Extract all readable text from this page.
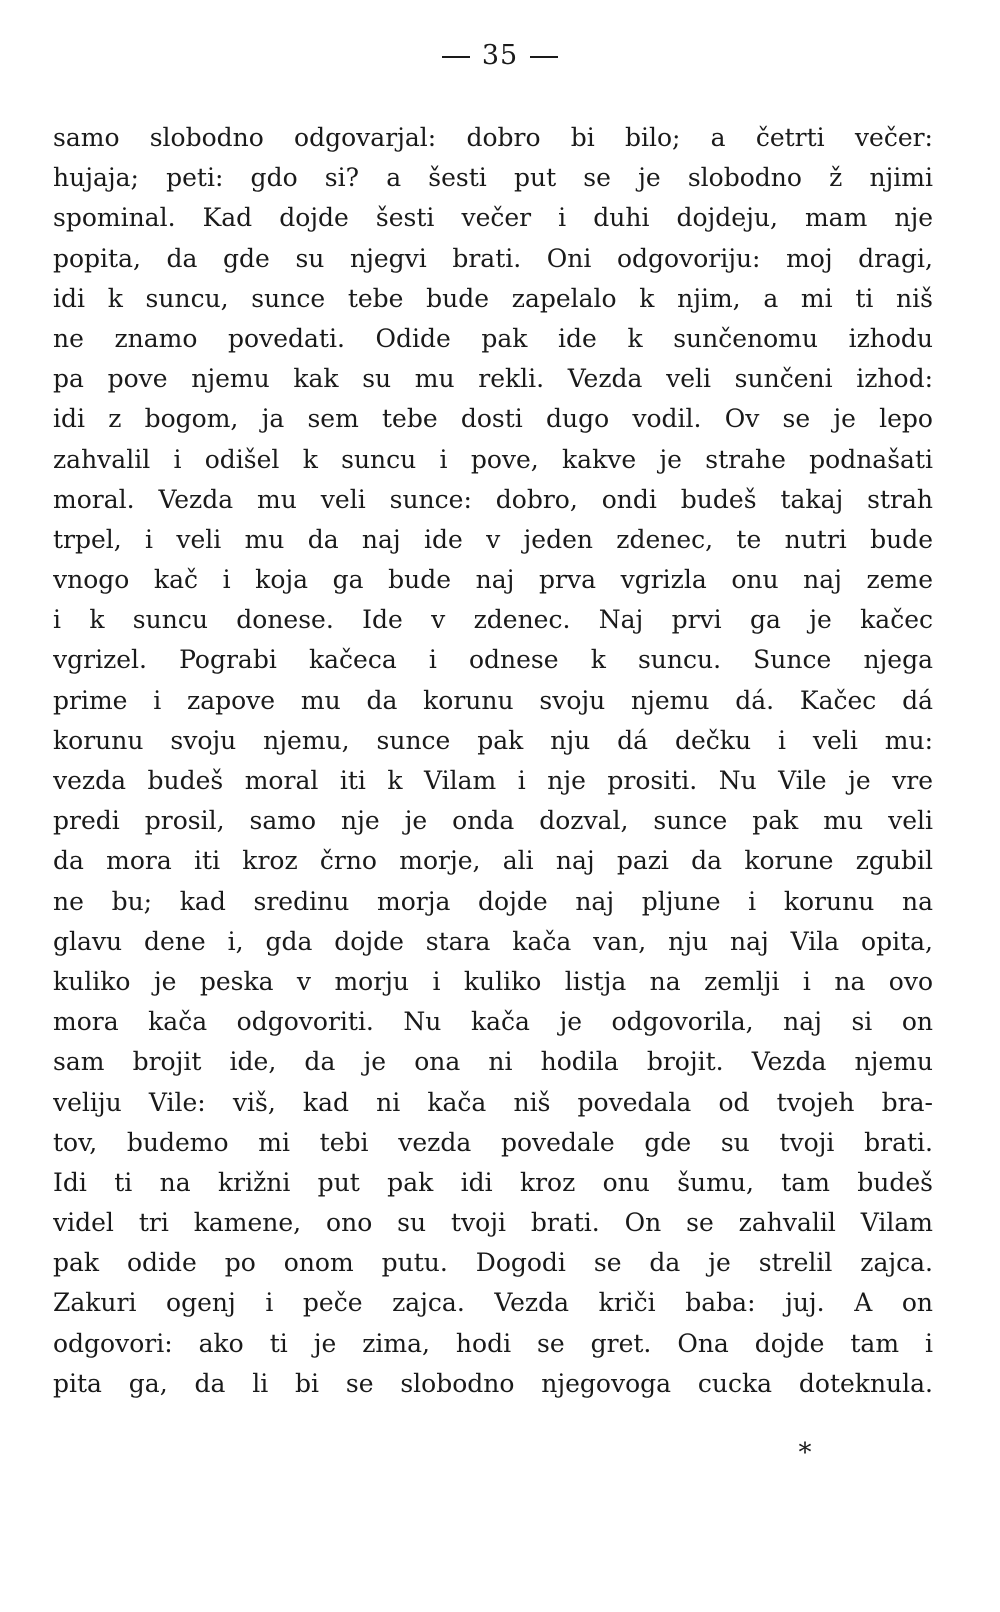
35
samo slobodno odgovarjal: dobro bi bilo; a četrti večer:
hujaja; peti: gdo si? a šesti put se je slobodno ž njimi
spominal. Kad dojde šesti večer i duhi dojdeju, mam nje
popita, da gde su njegvi brati. Oni odgovoriju: moj dragi,
idi k suncu, sunce tebe bude zapelalo k njim, a mi ti niš
ne znamo povedati. Odide pak ide k sunčenomu izhodu
pa pove njemu kak su mu rekli. Vezda veli sunčeni izhod:
idi z bogom, ja sem tebe dosti dugo vodil. Ov se je lepo
zahvalil i odišel k suncu i pove, kakve je strahe podnašati
moral. Vezda mu veli sunce: dobro, ondi budeš takaj strah
trpel, i veli mu da naj ide v jeden zdenec, te nutri bude
vnogo kač i koja ga bude naj prva vgrizla onu naj zeme
i k suncu donese. Ide v zdenec. Naj prvi ga je kačec
vgrizel. Pograbi kačeca i odnese k suncu. Sunce njega
prime i zapove mu da korunu svoju njemu dá. Kačec dá
korunu svoju njemu, sunce pak nju dá dečku i veli mu:
vezda budeš moral iti k Vilam i nje prositi. Nu Vile je vre
predi prosil, samo nje je onda dozval, sunce pak mu veli
da mora iti kroz črno morje, ali naj pazi da korune zgubil
ne bu; kad sredinu morja dojde naj pljune i korunu na
glavu dene i, gda dojde stara kača van, nju naj Vila opita,
kuliko je peska v morju i kuliko listja na zemlji i na ovo
mora kača odgovoriti. Nu kača je odgovorila, naj si on
sam brojit ide, da je ona ni hodila brojit. Vezda njemu
veliju Vile: viš, kad ni kača niš povedala od tvojeh bra-
tov, budemo mi tebi vezda povedale gde su tvoji brati.
Idi ti na križni put pak idi kroz onu šumu, tam budeš
videl tri kamene, ono su tvoji brati. On se zahvalil Vilam
pak odide po onom putu. Dogodi se da je strelil zajca.
Zakuri ogenj i peče zajca. Vezda kriči baba: juj. A on
odgovori: ako ti je zima, hodi se gret. Ona dojde tam i
pita ga, da li bi se slobodno njegovoga cucka doteknula.
*
